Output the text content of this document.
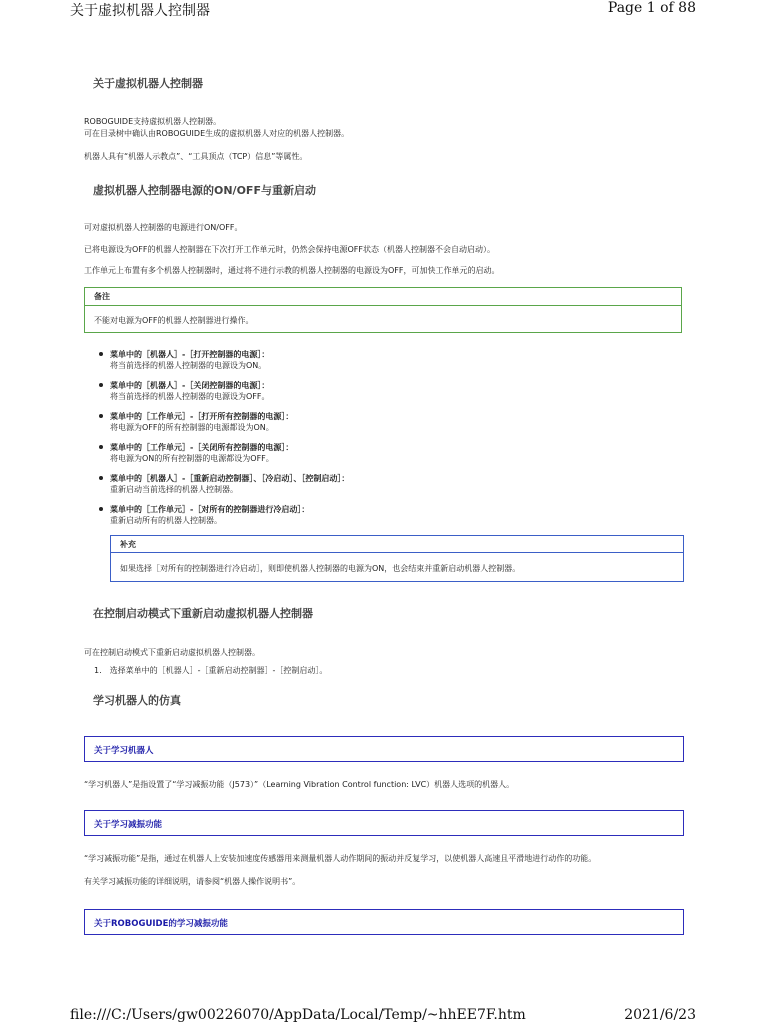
关于虚拟机器人控制器	Page 1 of 88
关于虚拟机器人控制器
ROBOGUIDE支持虚拟机器人控制器。
可在目录树中确认由ROBOGUIDE生成的虚拟机器人对应的机器人控制器。
机器人具有“机器人示教点”、“工具顶点（TCP）信息”等属性。
虚拟机器人控制器电源的ON/OFF与重新启动
可对虚拟机器人控制器的电源进行ON/OFF。
已将电源设为OFF的机器人控制器在下次打开工作单元时，仍然会保持电源OFF状态（机器人控制器不会自动启动）。
工作单元上布置有多个机器人控制器时，通过将不进行示教的机器人控制器的电源设为OFF，可加快工作单元的启动。
备注
不能对电源为OFF的机器人控制器进行操作。
菜单中的［机器人］-［打开控制器的电源］：
将当前选择的机器人控制器的电源设为ON。
菜单中的［机器人］-［关闭控制器的电源］：
将当前选择的机器人控制器的电源设为OFF。
菜单中的［工作单元］-［打开所有控制器的电源］：
将电源为OFF的所有控制器的电源都设为ON。
菜单中的［工作单元］-［关闭所有控制器的电源］：
将电源为ON的所有控制器的电源都设为OFF。
菜单中的［机器人］-［重新启动控制器］、［冷启动］、［控制启动］：
重新启动当前选择的机器人控制器。
菜单中的［工作单元］-［对所有的控制器进行冷启动］：
重新启动所有的机器人控制器。
补充
如果选择［对所有的控制器进行冷启动］，则即使机器人控制器的电源为ON，也会结束并重新启动机器人控制器。
在控制启动模式下重新启动虚拟机器人控制器
可在控制启动模式下重新启动虚拟机器人控制器。
1.　选择菜单中的［机器人］-［重新启动控制器］-［控制启动］。
学习机器人的仿真
关于学习机器人
“学习机器人”是指设置了“学习减振功能（J573）”（Learning Vibration Control function: LVC）机器人选项的机器人。
关于学习减振功能
“学习减振功能”是指，通过在机器人上安装加速度传感器用来测量机器人动作期间的振动并反复学习，以使机器人高速且平滑地进行动作的功能。
有关学习减振功能的详细说明，请参阅“机器人操作说明书”。
关于ROBOGUIDE的学习减振功能
file:///C:/Users/gw00226070/AppData/Local/Temp/~hhEE7F.htm	2021/6/23
